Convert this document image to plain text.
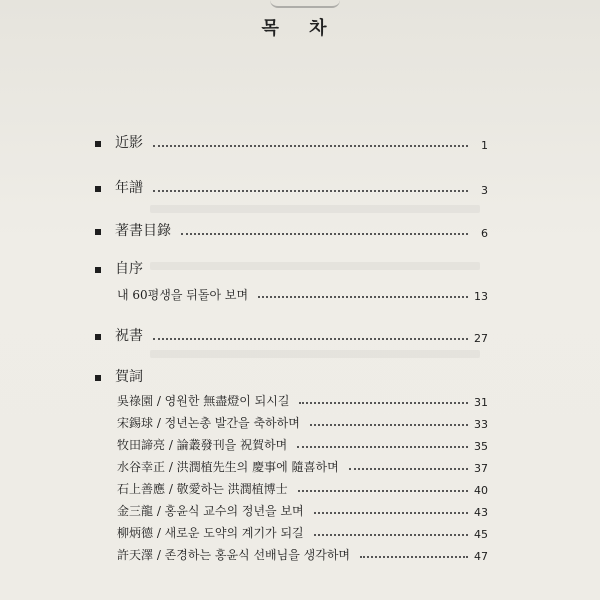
목 차
近影	1
年譜	3
著書目錄	6
自序
내 60평생을 뒤돌아 보며	13
祝書	27
賀詞
吳祿園 / 영원한 無盡燈이 되시길	31
宋錫球 / 정년논총 발간을 축하하며	33
牧田諦亮 / 論叢發刊을 祝賀하며	35
水谷幸正 / 洪潤植先生의 慶事에 隨喜하며	37
石上善應 / 敬愛하는 洪潤植博士	40
金三龍 / 홍윤식 교수의 정년을 보며	43
柳炳德 / 새로운 도약의 계기가 되길	45
許天澤 / 존경하는 홍윤식 선배님을 생각하며	47
